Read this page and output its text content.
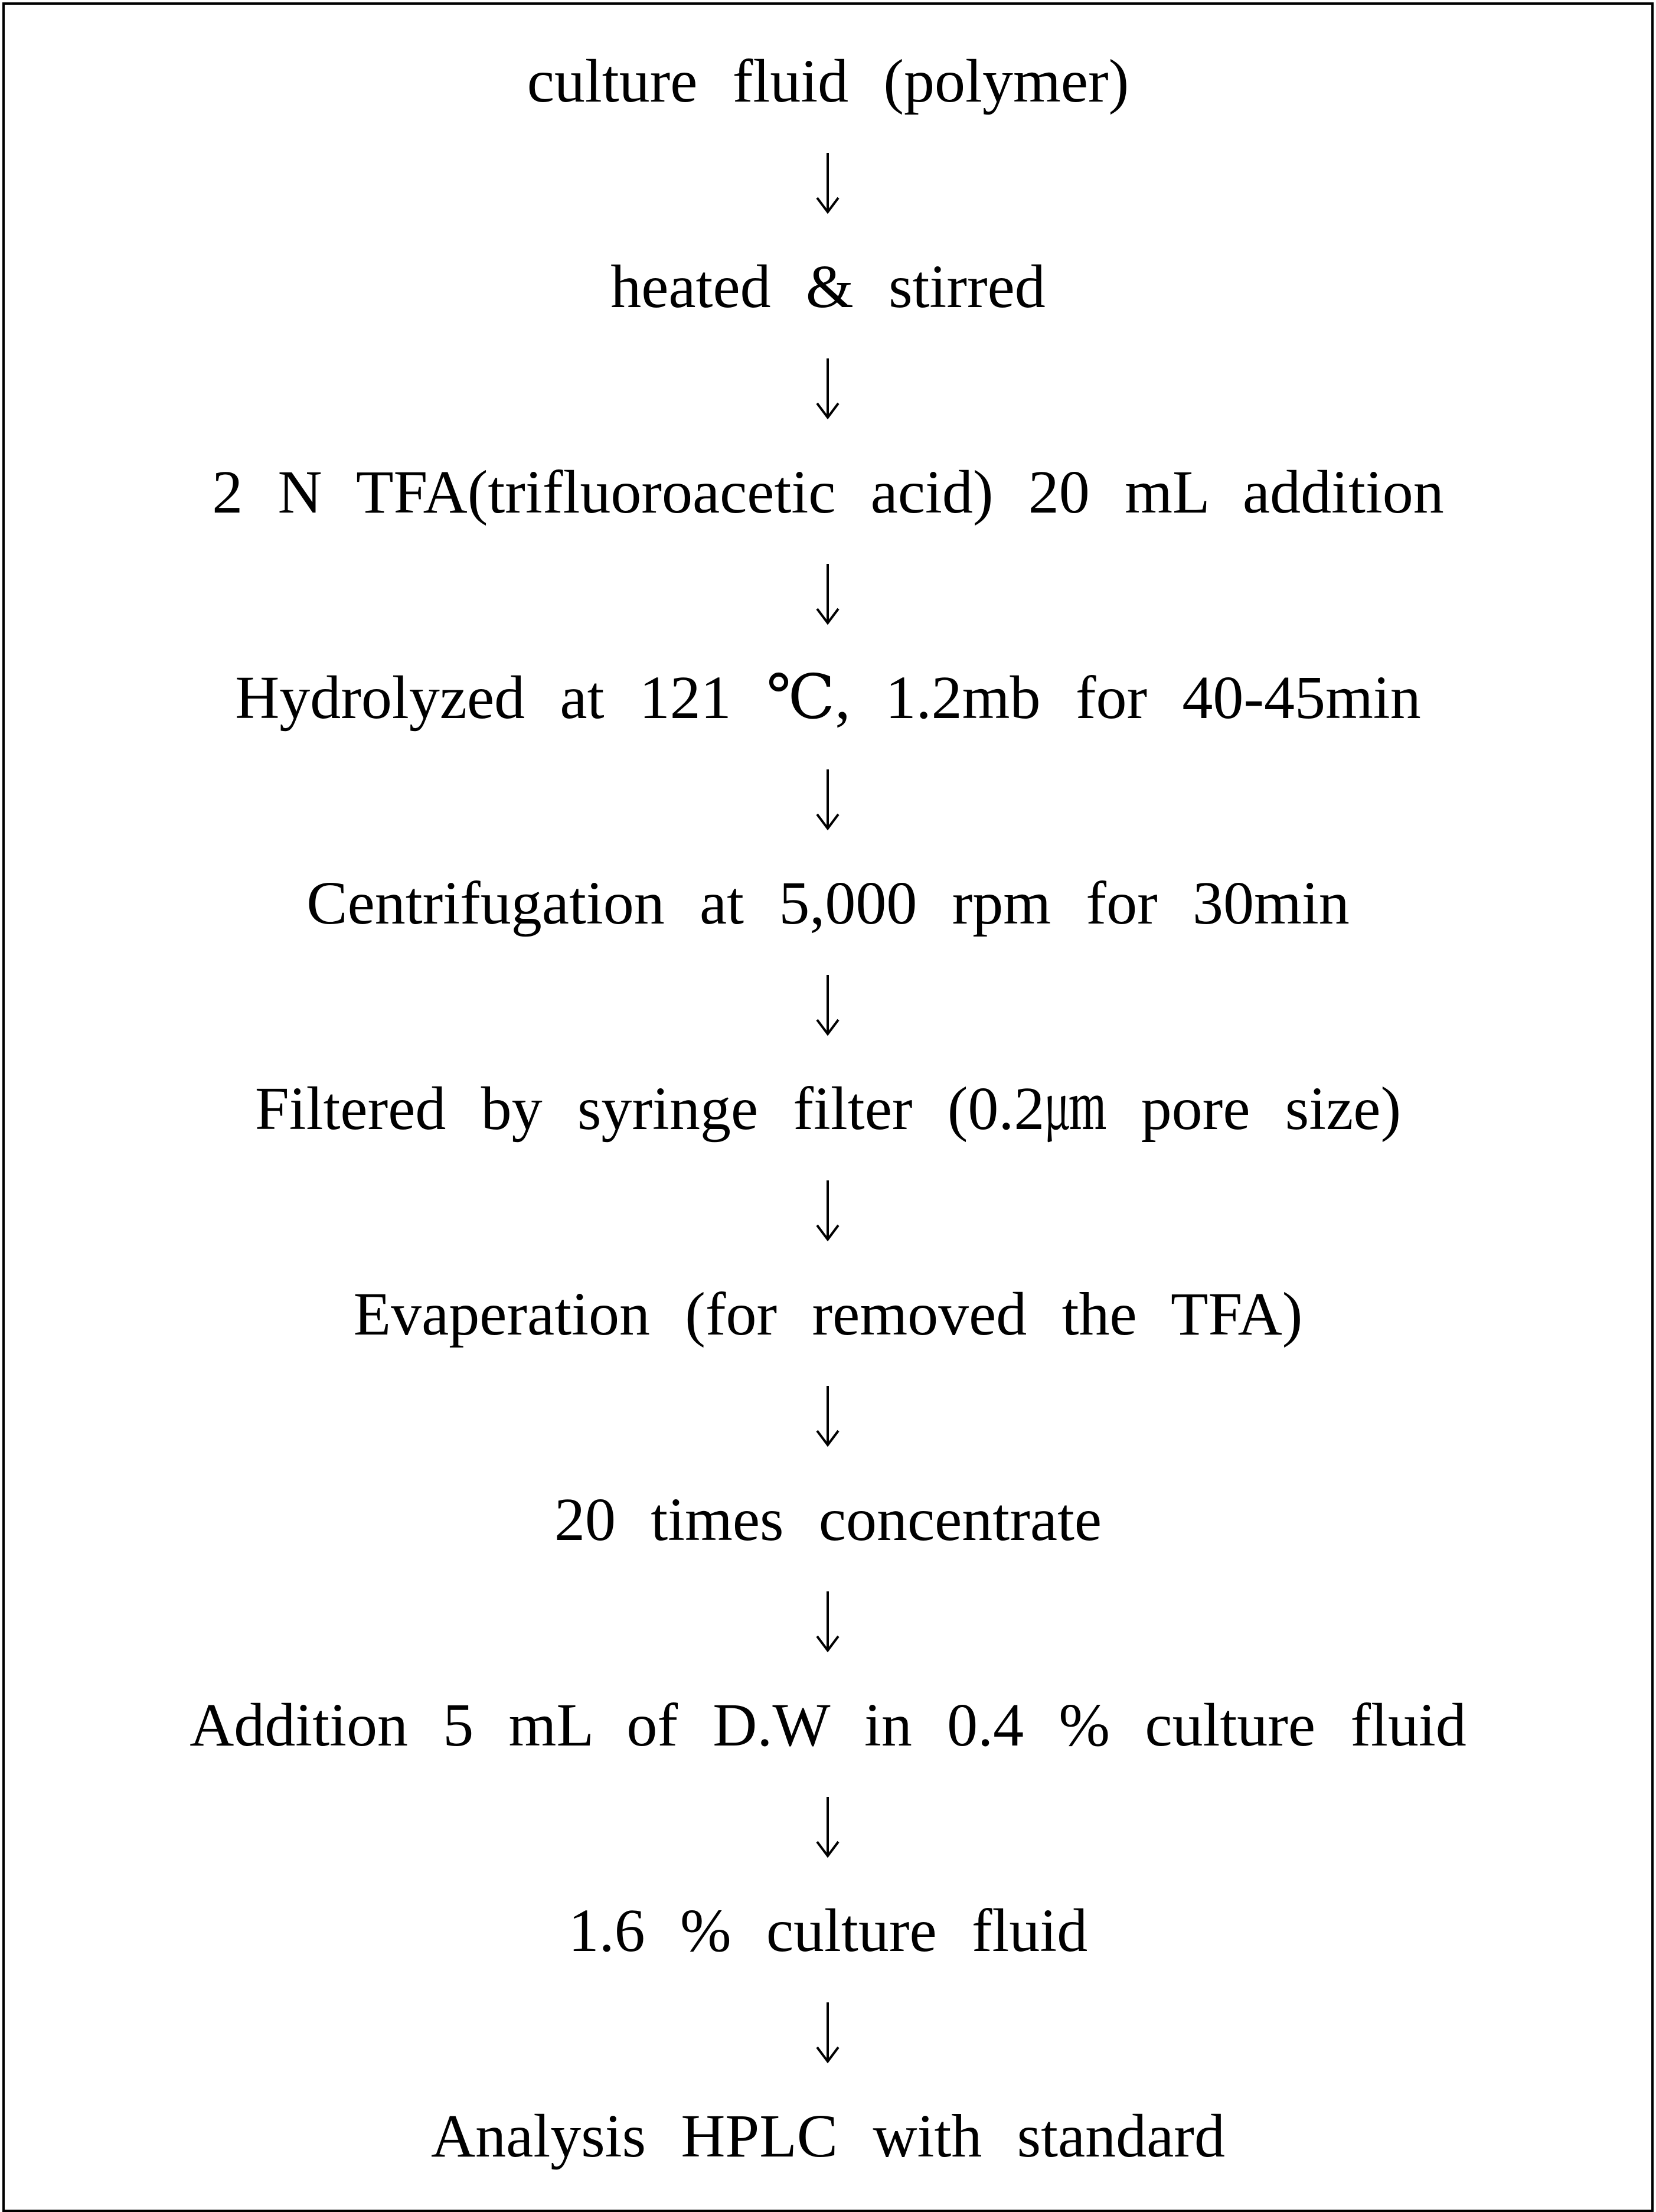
culture fluid (polymer)
heated & stirred
2 N TFA(trifluoroacetic acid) 20 mL addition
Hydrolyzed at 121 ℃, 1.2mb for 40-45min
Centrifugation at 5,000 rpm for 30min
Filtered by syringe filter (0.2㎛ pore size)
Evaperation (for removed the TFA)
20 times concentrate
Addition 5 mL of D.W in 0.4 % culture fluid
1.6 % culture fluid
Analysis HPLC with standard
